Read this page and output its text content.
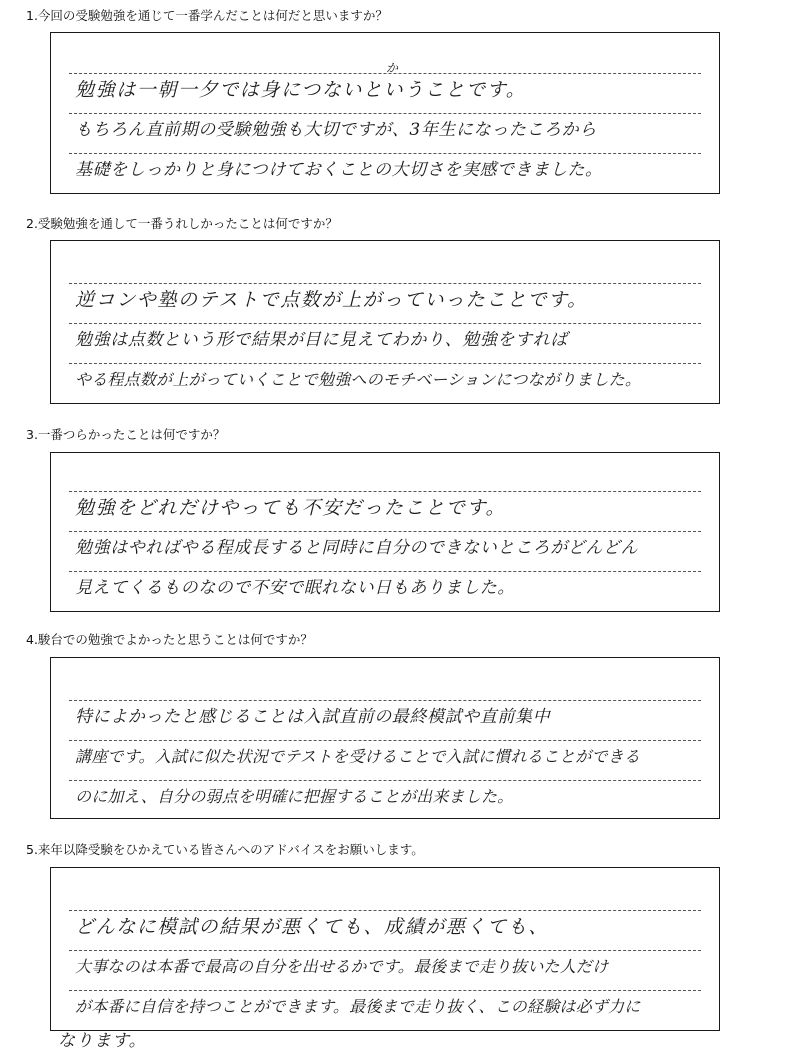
1.今回の受験勉強を通じて一番学んだことは何だと思いますか？
か
勉強は一朝一夕では身につないということです。
もちろん直前期の受験勉強も大切ですが、3年生になったころから
基礎をしっかりと身につけておくことの大切さを実感できました。
2.受験勉強を通して一番うれしかったことは何ですか？
逆コンや塾のテストで点数が上がっていったことです。
勉強は点数という形で結果が目に見えてわかり、勉強をすれば
やる程点数が上がっていくことで勉強へのモチベーションにつながりました。
3.一番つらかったことは何ですか？
勉強をどれだけやっても不安だったことです。
勉強はやればやる程成長すると同時に自分のできないところがどんどん
見えてくるものなので不安で眠れない日もありました。
4.駿台での勉強でよかったと思うことは何ですか？
特によかったと感じることは入試直前の最終模試や直前集中
講座です。入試に似た状況でテストを受けることで入試に慣れることができる
のに加え、自分の弱点を明確に把握することが出来ました。
5.来年以降受験をひかえている皆さんへのアドバイスをお願いします。
どんなに模試の結果が悪くても、成績が悪くても、
大事なのは本番で最高の自分を出せるかです。最後まで走り抜いた人だけ
が本番に自信を持つことができます。最後まで走り抜く、この経験は必ず力に
なります。
